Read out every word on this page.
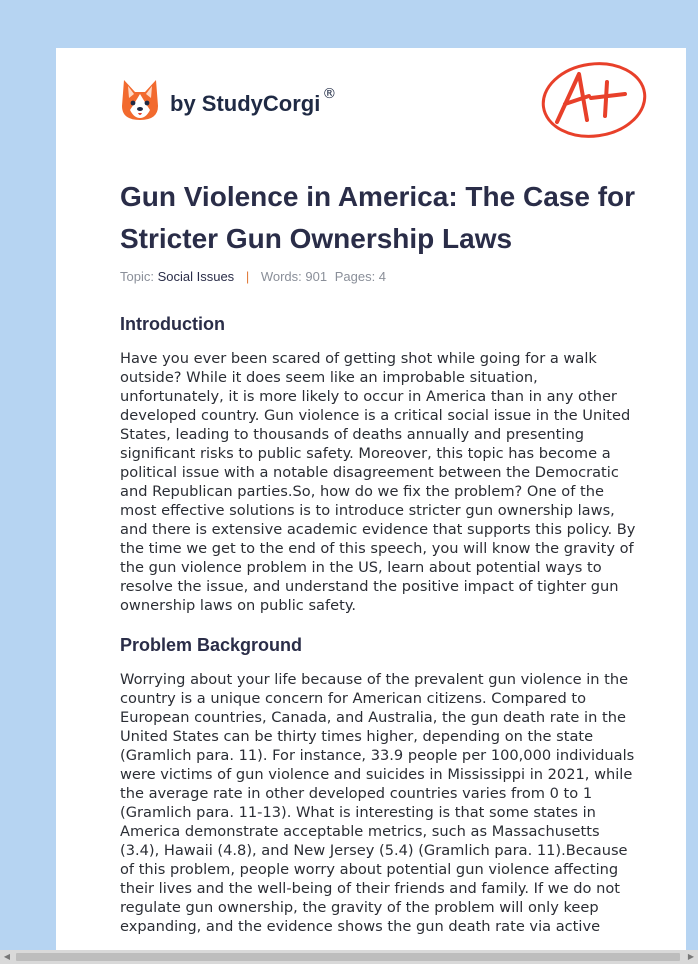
by StudyCorgi ®
Gun Violence in America: The Case for Stricter Gun Ownership Laws
Topic: Social Issues | Words: 901 Pages: 4
Introduction

Have you ever been scared of getting shot while going for a walk outside? While it does seem like an improbable situation, unfortunately, it is more likely to occur in America than in any other developed country. Gun violence is a critical social issue in the United States, leading to thousands of deaths annually and presenting significant risks to public safety. Moreover, this topic has become a political issue with a notable disagreement between the Democratic and Republican parties.So, how do we fix the problem? One of the most effective solutions is to introduce stricter gun ownership laws, and there is extensive academic evidence that supports this policy. By the time we get to the end of this speech, you will know the gravity of the gun violence problem in the US, learn about potential ways to resolve the issue, and understand the positive impact of tighter gun ownership laws on public safety.

Problem Background

Worrying about your life because of the prevalent gun violence in the country is a unique concern for American citizens. Compared to European countries, Canada, and Australia, the gun death rate in the United States can be thirty times higher, depending on the state (Gramlich para. 11). For instance, 33.9 people per 100,000 individuals were victims of gun violence and suicides in Mississippi in 2021, while the average rate in other developed countries varies from 0 to 1 (Gramlich para. 11-13). What is interesting is that some states in America demonstrate acceptable metrics, such as Massachusetts (3.4), Hawaii (4.8), and New Jersey (5.4) (Gramlich para. 11).Because of this problem, people worry about potential gun violence affecting their lives and the well-being of their friends and family. If we do not regulate gun ownership, the gravity of the problem will only keep expanding, and the evidence shows the gun death rate via active

◀	▶
